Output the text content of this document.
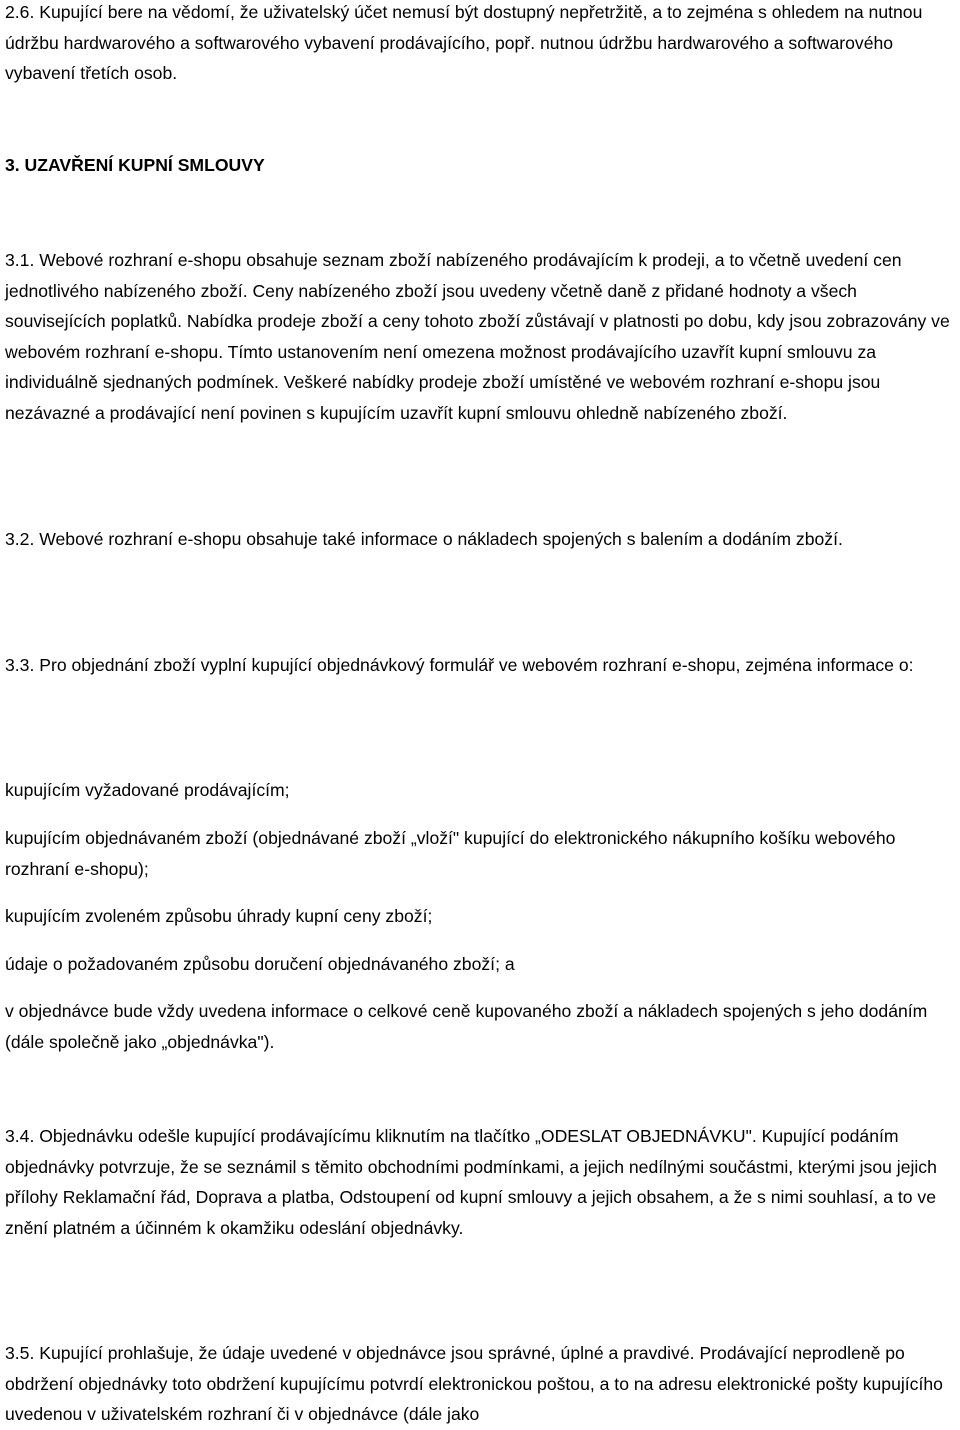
2.6. Kupující bere na vědomí, že uživatelský účet nemusí být dostupný nepřetržitě, a to zejména s ohledem na nutnou údržbu hardwarového a softwarového vybavení prodávajícího, popř. nutnou údržbu hardwarového a softwarového vybavení třetích osob.

3. UZAVŘENÍ KUPNÍ SMLOUVY

3.1. Webové rozhraní e-shopu obsahuje seznam zboží nabízeného prodávajícím k prodeji, a to včetně uvedení cen jednotlivého nabízeného zboží. Ceny nabízeného zboží jsou uvedeny včetně daně z přidané hodnoty a všech souvisejících poplatků. Nabídka prodeje zboží a ceny tohoto zboží zůstávají v platnosti po dobu, kdy jsou zobrazovány ve webovém rozhraní e-shopu. Tímto ustanovením není omezena možnost prodávajícího uzavřít kupní smlouvu za individuálně sjednaných podmínek. Veškeré nabídky prodeje zboží umístěné ve webovém rozhraní e-shopu jsou nezávazné a prodávající není povinen s kupujícím uzavřít kupní smlouvu ohledně nabízeného zboží.

3.2. Webové rozhraní e-shopu obsahuje také informace o nákladech spojených s balením a dodáním zboží.

3.3. Pro objednání zboží vyplní kupující objednávkový formulář ve webovém rozhraní e-shopu, zejména informace o:

kupujícím vyžadované prodávajícím;

kupujícím objednávaném zboží (objednávané zboží „vloží" kupující do elektronického nákupního košíku webového rozhraní e-shopu);

kupujícím zvoleném způsobu úhrady kupní ceny zboží;

údaje o požadovaném způsobu doručení objednávaného zboží; a

v objednávce bude vždy uvedena informace o celkové ceně kupovaného zboží a nákladech spojených s jeho dodáním (dále společně jako „objednávka").

3.4. Objednávku odešle kupující prodávajícímu kliknutím na tlačítko „ODESLAT OBJEDNÁVKU". Kupující podáním objednávky potvrzuje, že se seznámil s těmito obchodními podmínkami, a jejich nedílnými součástmi, kterými jsou jejich přílohy Reklamační řád, Doprava a platba, Odstoupení od kupní smlouvy a jejich obsahem, a že s nimi souhlasí, a to ve znění platném a účinném k okamžiku odeslání objednávky.

3.5. Kupující prohlašuje, že údaje uvedené v objednávce jsou správné, úplné a pravdivé. Prodávající neprodleně po obdržení objednávky toto obdržení kupujícímu potvrdí elektronickou poštou, a to na adresu elektronické pošty kupujícího uvedenou v uživatelském rozhraní či v objednávce (dále jako
